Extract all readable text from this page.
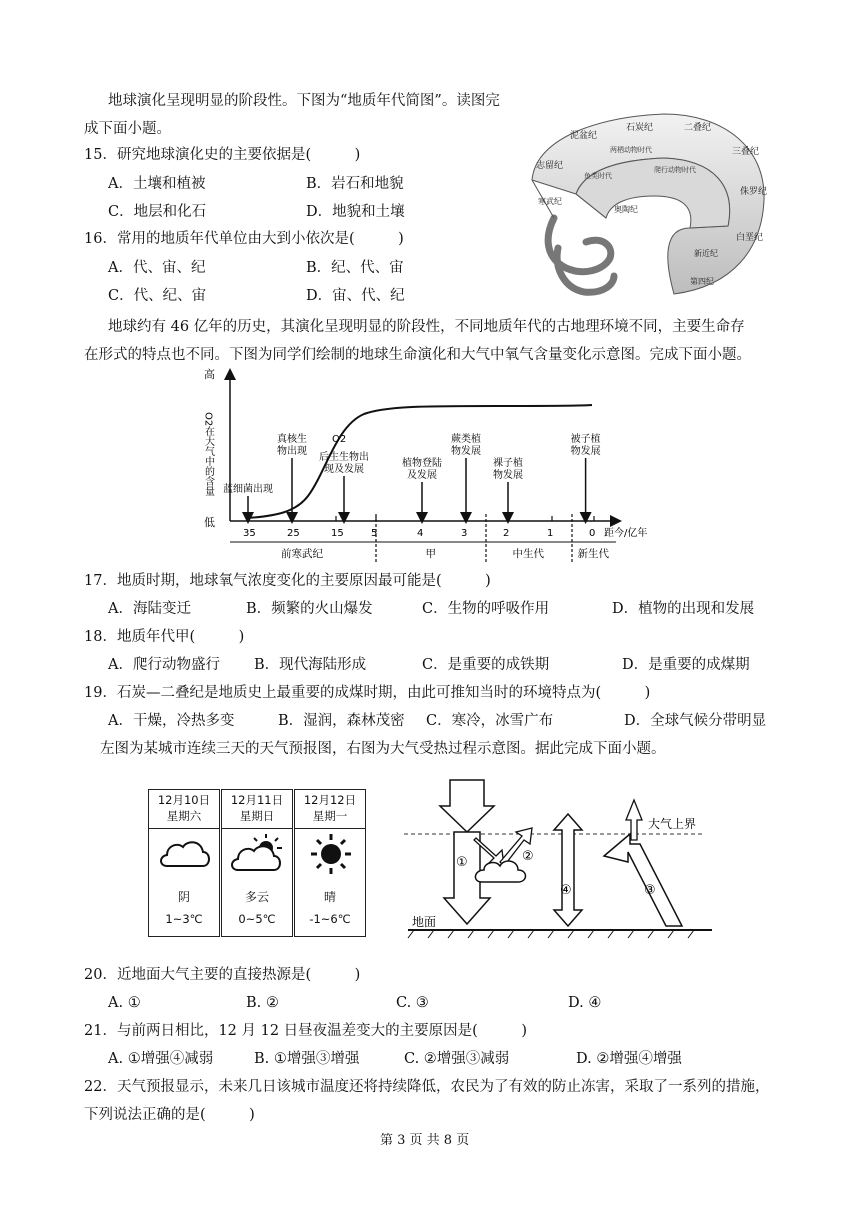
地球演化呈现明显的阶段性。下图为“地质年代简图”。读图完
成下面小题。
15．研究地球演化史的主要依据是(　　　)
A．土壤和植被	B．岩石和地貌
C．地层和化石	D．地貌和土壤
16．常用的地质年代单位由大到小依次是(　　　)
A．代、宙、纪	B．纪、代、宙
C．代、纪、宙	D．宙、代、纪
石炭纪	二叠纪
泥盆纪
志留纪
三叠纪
侏罗纪
白垩纪
第四纪
新近纪
爬行动物时代
两栖动物时代
鱼类时代
寒武纪
奥陶纪
地球约有 46 亿年的历史，其演化呈现明显的阶段性，不同地质年代的古地理环境不同，主要生命存
在形式的特点也不同。下图为同学们绘制的地球生命演化和大气中氧气含量变化示意图。完成下面小题。
高
低
O2在大气中的含量
距今/亿年
O2
35	25	15	5	4	3	2	1	0
蓝细菌出现
真核生
物出现
后生生物出
现及发展
植物登陆
及发展
蕨类植
物发展
裸子植
物发展
被子植
物发展
前寒武纪	甲	中生代	新生代
17．地质时期，地球氧气浓度变化的主要原因最可能是(　　　)
A．海陆变迁	B．频繁的火山爆发	C．生物的呼吸作用	D．植物的出现和发展
18．地质年代甲(　　　)
A．爬行动物盛行 B．现代海陆形成	C．是重要的成铁期	D．是重要的成煤期
19．石炭—二叠纪是地质史上最重要的成煤时期，由此可推知当时的环境特点为(　　　)
A．干燥，冷热多变	B．湿润，森林茂密 C．寒冷，冰雪广布	D．全球气候分带明显
左图为某城市连续三天的天气预报图，右图为大气受热过程示意图。据此完成下面小题。
12月10日
星期六
阴
1~3℃
12月11日
星期日
多云
0~5℃
12月12日
星期一
晴
-1~6℃
大气上界
地面
①	②
④	③
20．近地面大气主要的直接热源是(　　　)
A. ①	B. ②	C. ③	D. ④
21．与前两日相比，12 月 12 日昼夜温差变大的主要原因是(　　　)
A. ①增强④减弱	B. ①增强③增强	C. ②增强③减弱	D. ②增强④增强
22．天气预报显示，未来几日该城市温度还将持续降低，农民为了有效的防止冻害，采取了一系列的措施，
下列说法正确的是(　　　)
第 3 页 共 8 页
